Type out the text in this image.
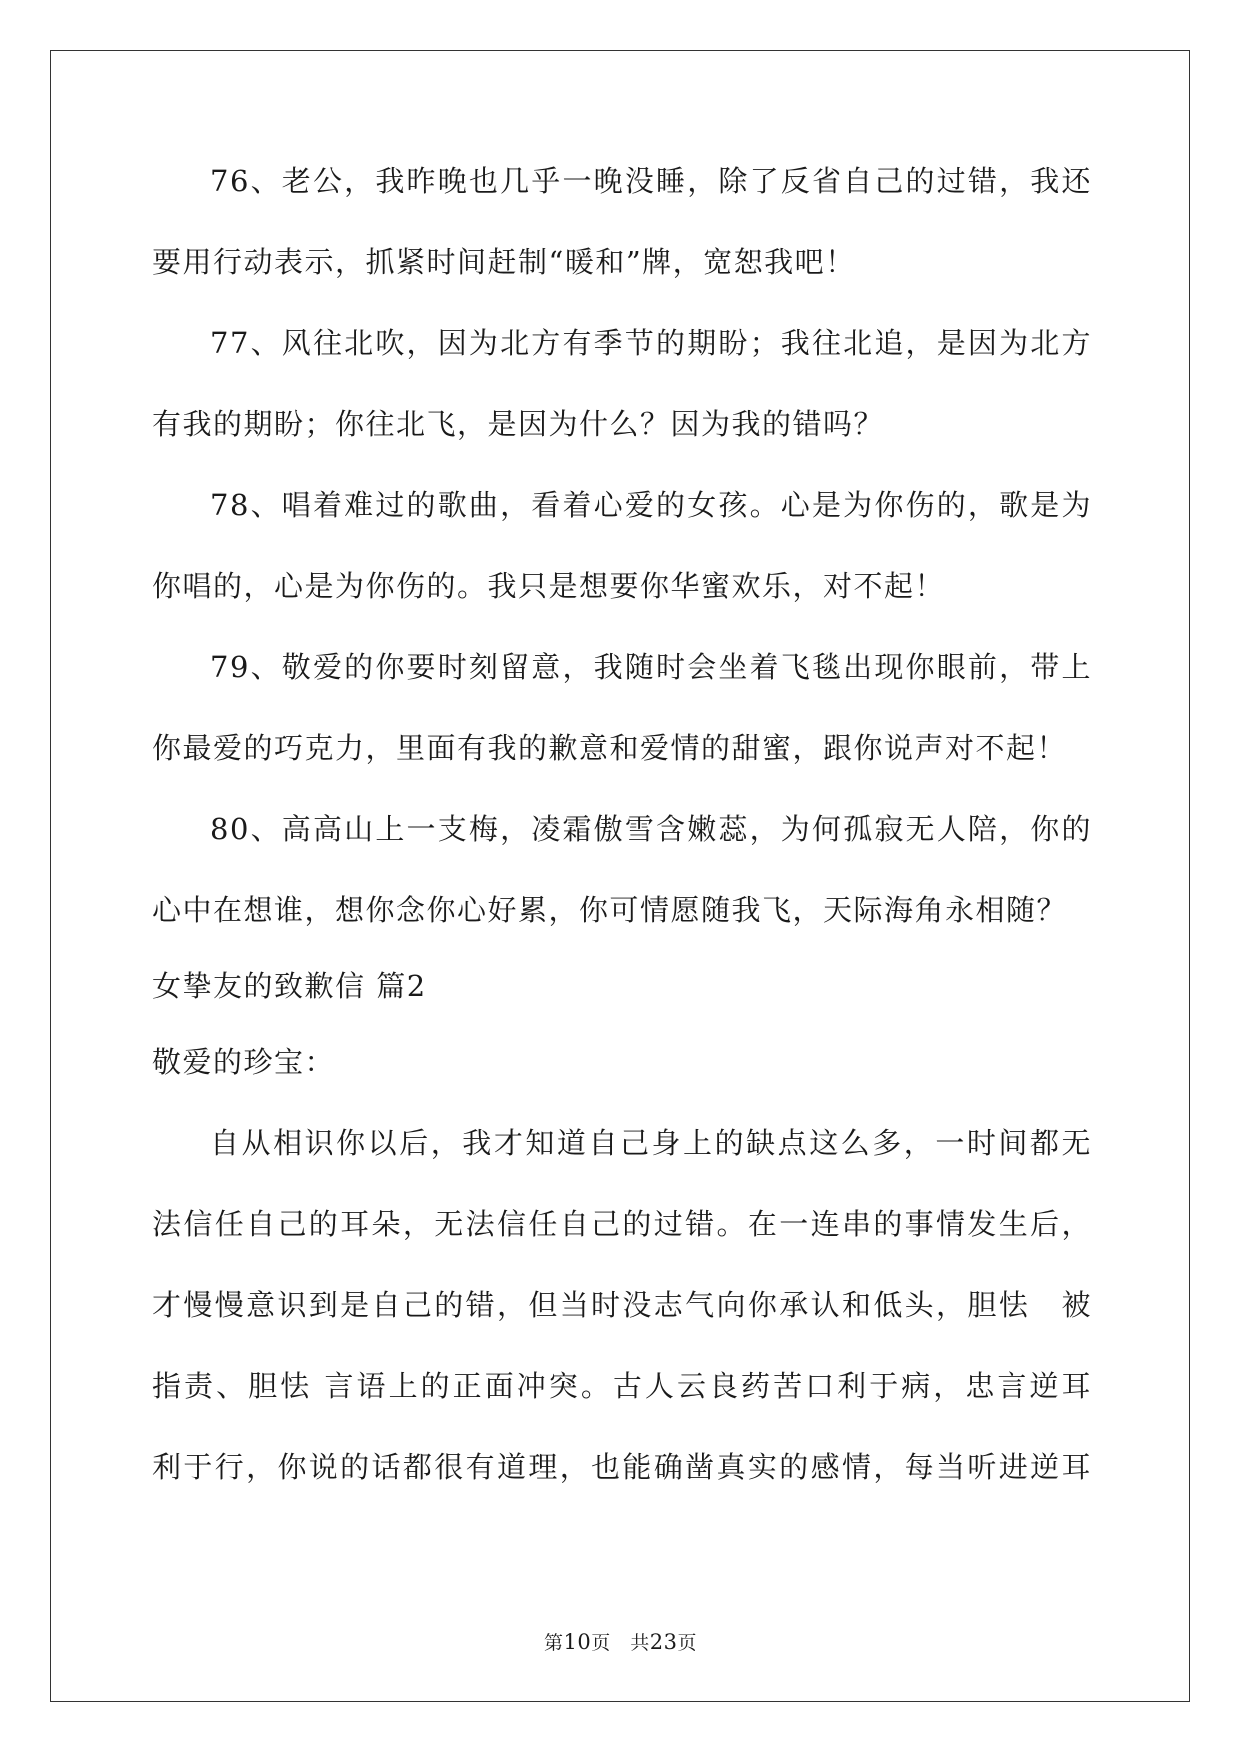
76、老公，我昨晚也几乎一晚没睡，除了反省自己的过错，我还

要用行动表示，抓紧时间赶制“暖和”牌，宽恕我吧！

77、风往北吹，因为北方有季节的期盼；我往北追，是因为北方

有我的期盼；你往北飞，是因为什么？因为我的错吗？

78、唱着难过的歌曲，看着心爱的女孩。心是为你伤的，歌是为

你唱的，心是为你伤的。我只是想要你华蜜欢乐，对不起！

79、敬爱的你要时刻留意，我随时会坐着飞毯出现你眼前，带上

你最爱的巧克力，里面有我的歉意和爱情的甜蜜，跟你说声对不起！

80、高高山上一支梅，凌霜傲雪含嫩蕊，为何孤寂无人陪，你的

心中在想谁，想你念你心好累，你可情愿随我飞，天际海角永相随？

女挚友的致歉信 篇2

敬爱的珍宝：

自从相识你以后，我才知道自己身上的缺点这么多，一时间都无

法信任自己的耳朵，无法信任自己的过错。在一连串的事情发生后，

才慢慢意识到是自己的错，但当时没志气向你承认和低头，胆怯　被

指责、胆怯 言语上的正面冲突。古人云良药苦口利于病，忠言逆耳

利于行，你说的话都很有道理，也能确凿真实的感情，每当听进逆耳

第10页　共23页
